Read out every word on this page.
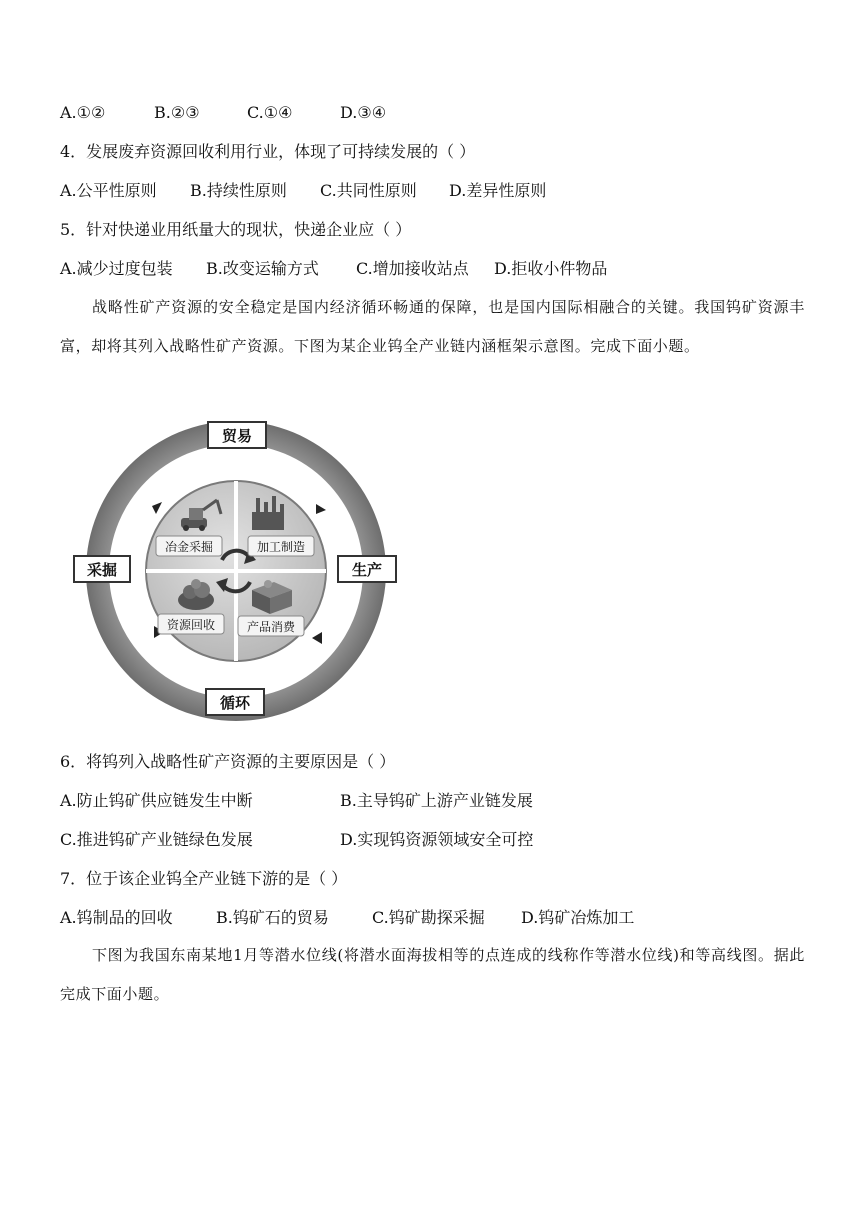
A.①②	B.②③	C.①④	D.③④
4．发展废弃资源回收利用行业，体现了可持续发展的（ ）
A.公平性原则 B.持续性原则 C.共同性原则 D.差异性原则
5．针对快递业用纸量大的现状，快递企业应（ ）
A.减少过度包装 B.改变运输方式 C.增加接收站点 D.拒收小件物品
战略性矿产资源的安全稳定是国内经济循环畅通的保障，也是国内国际相融合的关键。我国钨矿资源丰富，却将其列入战略性矿产资源。下图为某企业钨全产业链内涵框架示意图。完成下面小题。
冶金采掘	加工制造
资源回收	产品消费
贸易
采掘	生产
循环
6．将钨列入战略性矿产资源的主要原因是（ ）
A.防止钨矿供应链发生中断	B.主导钨矿上游产业链发展
C.推进钨矿产业链绿色发展	D.实现钨资源领域安全可控
7．位于该企业钨全产业链下游的是（ ）
A.钨制品的回收	B.钨矿石的贸易	C.钨矿勘探采掘 D.钨矿冶炼加工
下图为我国东南某地1月等潜水位线(将潜水面海拔相等的点连成的线称作等潜水位线)和等高线图。据此完成下面小题。
